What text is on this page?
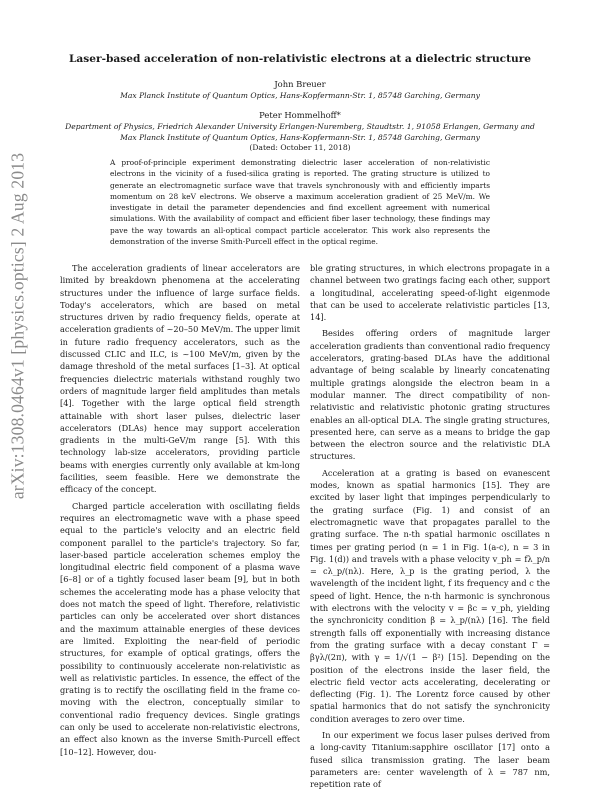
arXiv:1308.0464v1 [physics.optics] 2 Aug 2013
Laser-based acceleration of non-relativistic electrons at a dielectric structure
John Breuer
Max Planck Institute of Quantum Optics, Hans-Kopfermann-Str. 1, 85748 Garching, Germany
Peter Hommelhoff*
Department of Physics, Friedrich Alexander University Erlangen-Nuremberg, Staudtstr. 1, 91058 Erlangen, Germany and
Max Planck Institute of Quantum Optics, Hans-Kopfermann-Str. 1, 85748 Garching, Germany
(Dated: October 11, 2018)
A proof-of-principle experiment demonstrating dielectric laser acceleration of non-relativistic electrons in the vicinity of a fused-silica grating is reported. The grating structure is utilized to generate an electromagnetic surface wave that travels synchronously with and efficiently imparts momentum on 28 keV electrons. We observe a maximum acceleration gradient of 25 MeV/m. We investigate in detail the parameter dependencies and find excellent agreement with numerical simulations. With the availability of compact and efficient fiber laser technology, these findings may pave the way towards an all-optical compact particle accelerator. This work also represents the demonstration of the inverse Smith-Purcell effect in the optical regime.

The acceleration gradients of linear accelerators are limited by breakdown phenomena at the accelerating structures under the influence of large surface fields. Today's accelerators, which are based on metal structures driven by radio frequency fields, operate at acceleration gradients of ~20–50 MeV/m. The upper limit in future radio frequency accelerators, such as the discussed CLIC and ILC, is ~100 MeV/m, given by the damage threshold of the metal surfaces [1–3]. At optical frequencies dielectric materials withstand roughly two orders of magnitude larger field amplitudes than metals [4]. Together with the large optical field strength attainable with short laser pulses, dielectric laser accelerators (DLAs) hence may support acceleration gradients in the multi-GeV/m range [5]. With this technology lab-size accelerators, providing particle beams with energies currently only available at km-long facilities, seem feasible. Here we demonstrate the efficacy of the concept.

Charged particle acceleration with oscillating fields requires an electromagnetic wave with a phase speed equal to the particle's velocity and an electric field component parallel to the particle's trajectory. So far, laser-based particle acceleration schemes employ the longitudinal electric field component of a plasma wave [6–8] or of a tightly focused laser beam [9], but in both schemes the accelerating mode has a phase velocity that does not match the speed of light. Therefore, relativistic particles can only be accelerated over short distances and the maximum attainable energies of these devices are limited. Exploiting the near-field of periodic structures, for example of optical gratings, offers the possibility to continuously accelerate non-relativistic as well as relativistic particles. In essence, the effect of the grating is to rectify the oscillating field in the frame co-moving with the electron, conceptually similar to conventional radio frequency devices. Single gratings can only be used to accelerate non-relativistic electrons, an effect also known as the inverse Smith-Purcell effect [10–12]. However, dou-

ble grating structures, in which electrons propagate in a channel between two gratings facing each other, support a longitudinal, accelerating speed-of-light eigenmode that can be used to accelerate relativistic particles [13, 14].

Besides offering orders of magnitude larger acceleration gradients than conventional radio frequency accelerators, grating-based DLAs have the additional advantage of being scalable by linearly concatenating multiple gratings alongside the electron beam in a modular manner. The direct compatibility of non-relativistic and relativistic photonic grating structures enables an all-optical DLA. The single grating structures, presented here, can serve as a means to bridge the gap between the electron source and the relativistic DLA structures.

Acceleration at a grating is based on evanescent modes, known as spatial harmonics [15]. They are excited by laser light that impinges perpendicularly to the grating surface (Fig. 1) and consist of an electromagnetic wave that propagates parallel to the grating surface. The n-th spatial harmonic oscillates n times per grating period (n = 1 in Fig. 1(a-c), n = 3 in Fig. 1(d)) and travels with a phase velocity v_ph = fλ_p/n = cλ_p/(nλ). Here, λ_p is the grating period, λ the wavelength of the incident light, f its frequency and c the speed of light. Hence, the n-th harmonic is synchronous with electrons with the velocity v = βc = v_ph, yielding the synchronicity condition β = λ_p/(nλ) [16]. The field strength falls off exponentially with increasing distance from the grating surface with a decay constant Γ = βγλ/(2π), with γ = 1/√(1 − β²) [15]. Depending on the position of the electrons inside the laser field, the electric field vector acts accelerating, decelerating or deflecting (Fig. 1). The Lorentz force caused by other spatial harmonics that do not satisfy the synchronicity condition averages to zero over time.

In our experiment we focus laser pulses derived from a long-cavity Titanium:sapphire oscillator [17] onto a fused silica transmission grating. The laser beam parameters are: center wavelength of λ = 787 nm, repetition rate of
